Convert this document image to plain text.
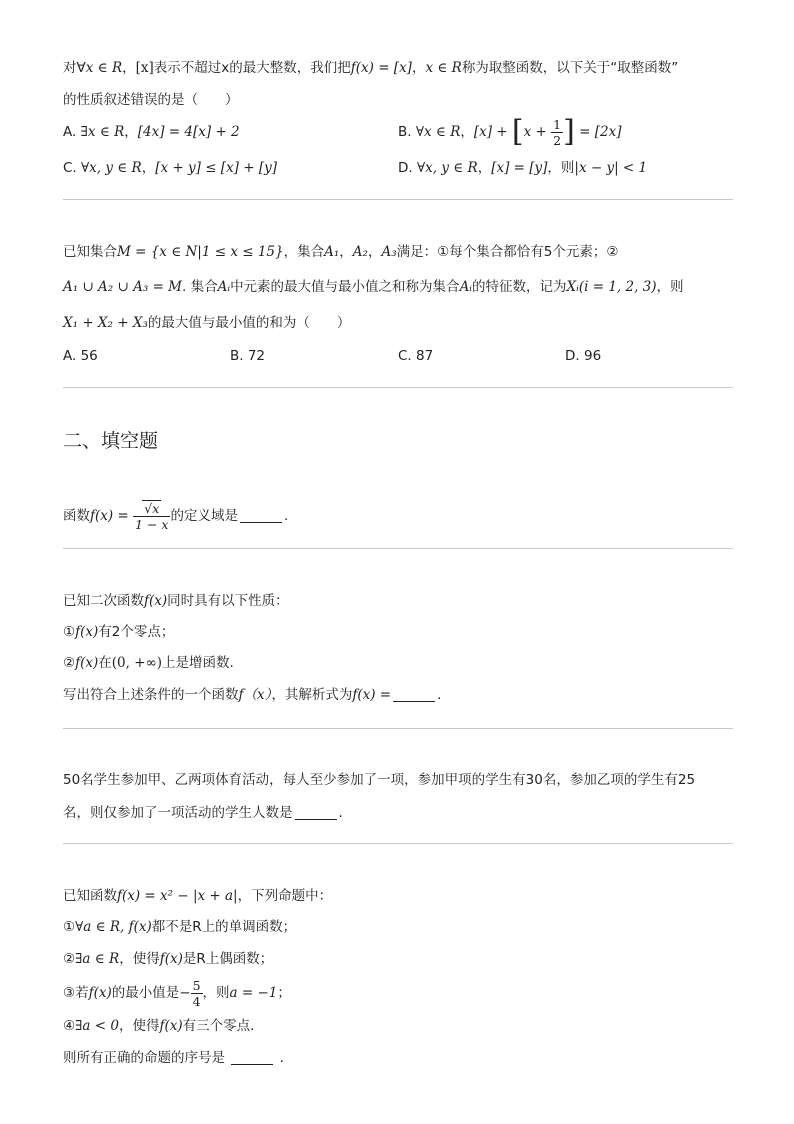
对∀x ∈ R，[x]表示不超过x的最大整数，我们把f(x) = [x]，x ∈ R称为取整函数，以下关于“取整函数”
的性质叙述错误的是（　　）
A. ∃x ∈ R，[4x] = 4[x] + 2	B. ∀x ∈ R，$[x] + [x + \frac{1}{2}$ ] = [2x]
C. ∀x, y ∈ R，[x + y] ≤ [x] + [y]	D. ∀x, y ∈ R，[x] = [y]，则|x − y| < 1
已知集合M = {x ∈ N|1 ≤ x ≤ 15}，集合A₁，A₂，A₃满足：①每个集合都恰有5个元素；②
A₁ ∪ A₂ ∪ A₃ = M. 集合Aᵢ中元素的最大值与最小值之和称为集合Aᵢ的特征数，记为Xᵢ(i = 1, 2, 3)，则
X₁ + X₂ + X₃的最大值与最小值的和为（　　）
A. 56	B. 72	C. 87	D. 96
二、填空题
函数$f(x) = \frac{√x}{1 - x}$ 的定义域是	.
已知二次函数f(x)同时具有以下性质：
①f(x)有2个零点；
②f(x)在(0, +∞)上是增函数.
写出符合上述条件的一个函数f（x），其解析式为f(x) =	.
50名学生参加甲、乙两项体育活动，每人至少参加了一项，参加甲项的学生有30名，参加乙项的学生有25
名，则仅参加了一项活动的学生人数是	.
已知函数f(x) = x² − |x + a|，下列命题中：
①∀a ∈ R, f(x)都不是R上的单调函数；
②∃a ∈ R，使得f(x)是R上偶函数；
③若f(x)的最小值是− $\frac{5}{4}$ ，则a = −1；
④∃a < 0，使得f(x)有三个零点.
则所有正确的命题的序号是	.
